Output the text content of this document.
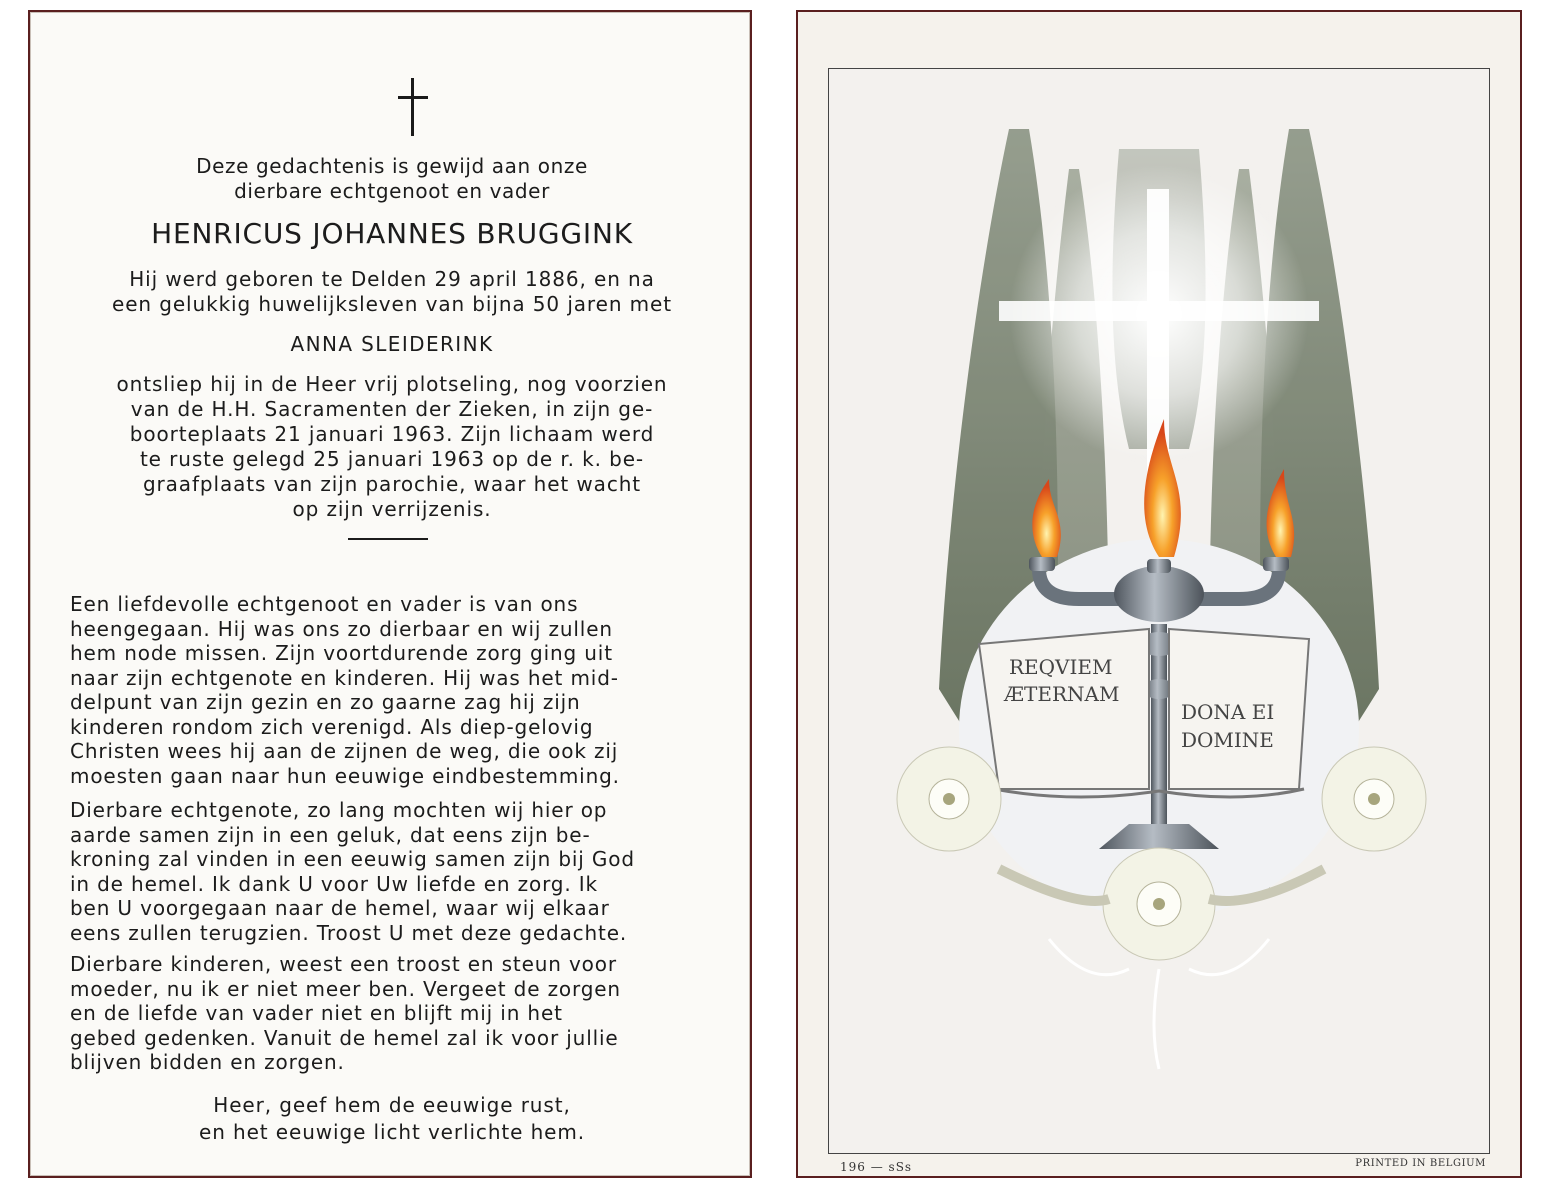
Deze gedachtenis is gewijd aan onze
dierbare echtgenoot en vader
HENRICUS JOHANNES BRUGGINK
Hij werd geboren te Delden 29 april 1886, en na
een gelukkig huwelijksleven van bijna 50 jaren met
ANNA SLEIDERINK
ontsliep hij in de Heer vrij plotseling, nog voorzien
van de H.H. Sacramenten der Zieken, in zijn ge-
boorteplaats 21 januari 1963. Zijn lichaam werd
te ruste gelegd 25 januari 1963 op de r. k. be-
graafplaats van zijn parochie, waar het wacht
op zijn verrijzenis.
Een liefdevolle echtgenoot en vader is van ons
heengegaan. Hij was ons zo dierbaar en wij zullen
hem node missen. Zijn voortdurende zorg ging uit
naar zijn echtgenote en kinderen. Hij was het mid-
delpunt van zijn gezin en zo gaarne zag hij zijn
kinderen rondom zich verenigd. Als diep-gelovig
Christen wees hij aan de zijnen de weg, die ook zij
moesten gaan naar hun eeuwige eindbestemming.
Dierbare echtgenote, zo lang mochten wij hier op
aarde samen zijn in een geluk, dat eens zijn be-
kroning zal vinden in een eeuwig samen zijn bij God
in de hemel. Ik dank U voor Uw liefde en zorg. Ik
ben U voorgegaan naar de hemel, waar wij elkaar
eens zullen terugzien. Troost U met deze gedachte.
Dierbare kinderen, weest een troost en steun voor
moeder, nu ik er niet meer ben. Vergeet de zorgen
en de liefde van vader niet en blijft mij in het
gebed gedenken. Vanuit de hemel zal ik voor jullie
blijven bidden en zorgen.
Heer, geef hem de eeuwige rust,
en het eeuwige licht verlichte hem.
REQVIEM
ÆTERNAM
DONA EI
DOMINE
196 — sSs	PRINTED IN BELGIUM
